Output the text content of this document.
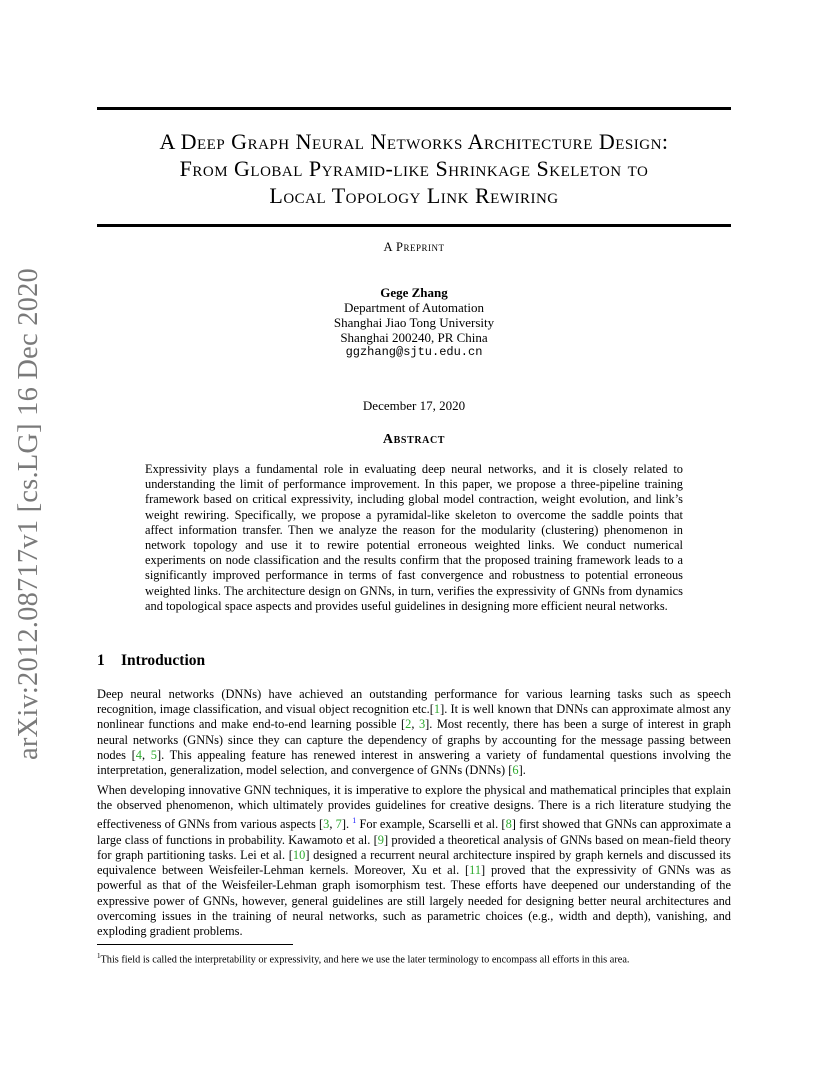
arXiv:2012.08717v1 [cs.LG] 16 Dec 2020
A Deep Graph Neural Networks Architecture Design:
From Global Pyramid-like Shrinkage Skeleton to
Local Topology Link Rewiring
A Preprint
Gege Zhang
Department of Automation
Shanghai Jiao Tong University
Shanghai 200240, PR China
ggzhang@sjtu.edu.cn
December 17, 2020
Abstract
Expressivity plays a fundamental role in evaluating deep neural networks, and it is closely related to understanding the limit of performance improvement. In this paper, we propose a three-pipeline training framework based on critical expressivity, including global model contraction, weight evolution, and link’s weight rewiring. Specifically, we propose a pyramidal-like skeleton to overcome the saddle points that affect information transfer. Then we analyze the reason for the modularity (clustering) phenomenon in network topology and use it to rewire potential erroneous weighted links. We conduct numerical experiments on node classification and the results confirm that the proposed training framework leads to a significantly improved performance in terms of fast convergence and robustness to potential erroneous weighted links. The architecture design on GNNs, in turn, verifies the expressivity of GNNs from dynamics and topological space aspects and provides useful guidelines in designing more efficient neural networks.
1 Introduction
Deep neural networks (DNNs) have achieved an outstanding performance for various learning tasks such as speech recognition, image classification, and visual object recognition etc.[1]. It is well known that DNNs can approximate almost any nonlinear functions and make end-to-end learning possible [2, 3]. Most recently, there has been a surge of interest in graph neural networks (GNNs) since they can capture the dependency of graphs by accounting for the message passing between nodes [4, 5]. This appealing feature has renewed interest in answering a variety of fundamental questions involving the interpretation, generalization, model selection, and convergence of GNNs (DNNs) [6].
When developing innovative GNN techniques, it is imperative to explore the physical and mathematical principles that explain the observed phenomenon, which ultimately provides guidelines for creative designs. There is a rich literature studying the effectiveness of GNNs from various aspects [3, 7]. $^1$ For example, Scarselli et al. [8] first showed that GNNs can approximate a large class of functions in probability. Kawamoto et al. [9] provided a theoretical analysis of GNNs based on mean-field theory for graph partitioning tasks. Lei et al. [10] designed a recurrent neural architecture inspired by graph kernels and discussed its equivalence between Weisfeiler-Lehman kernels. Moreover, Xu et al. [11] proved that the expressivity of GNNs was as powerful as that of the Weisfeiler-Lehman graph isomorphism test. These efforts have deepened our understanding of the expressive power of GNNs, however, general guidelines are still largely needed for designing better neural architectures and overcoming issues in the training of neural networks, such as parametric choices (e.g., width and depth), vanishing, and exploding gradient problems.
$^1$This field is called the interpretability or expressivity, and here we use the later terminology to encompass all efforts in this area.
